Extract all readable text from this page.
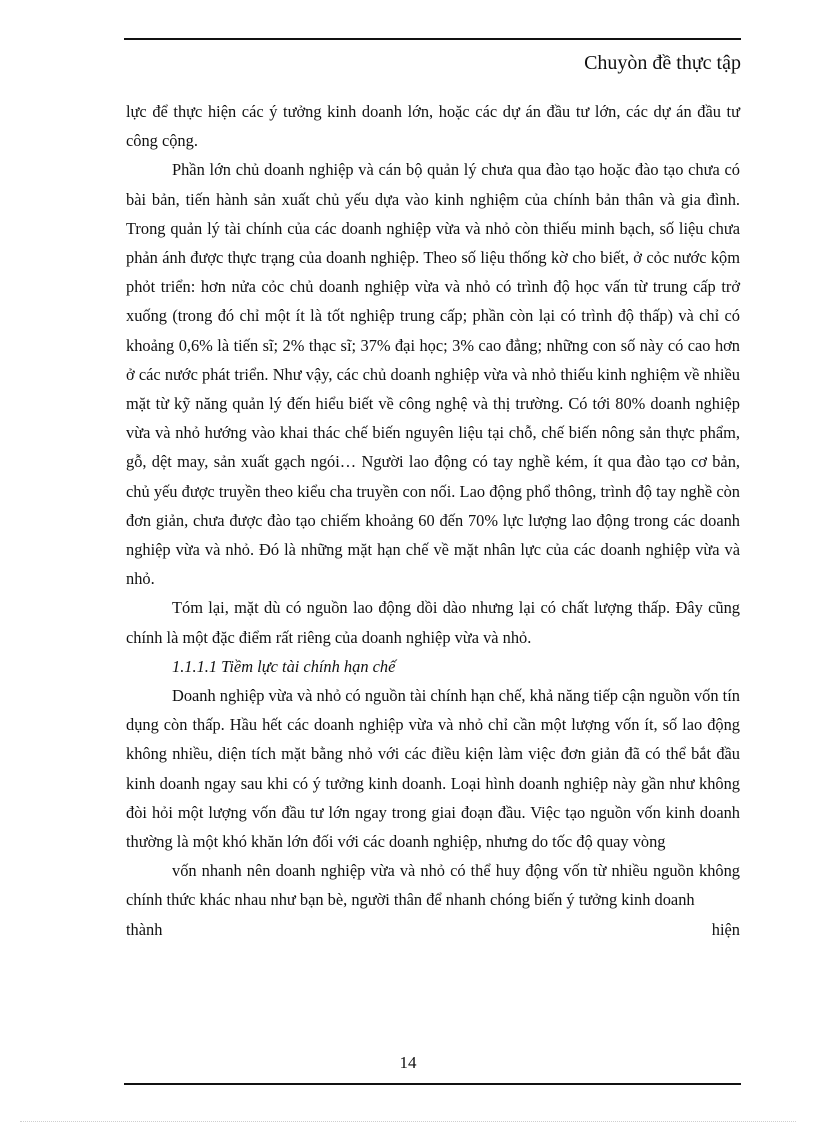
Chuyòn đề thực tập

lực để thực hiện các ý tưởng kinh doanh lớn, hoặc các dự án đầu tư lớn, các dự án đầu tư công cộng.

Phần lớn chủ doanh nghiệp và cán bộ quản lý chưa qua đào tạo hoặc đào tạo chưa có bài bản, tiến hành sản xuất chủ yếu dựa vào kinh nghiệm của chính bản thân và gia đình. Trong quản lý tài chính của các doanh nghiệp vừa và nhỏ còn thiếu minh bạch, số liệu chưa phản ánh được thực trạng của doanh nghiệp. Theo số liệu thống kờ cho biết, ở cỏc nước kộm phỏt triển: hơn nửa cỏc chủ doanh nghiệp vừa và nhỏ có trình độ học vấn từ trung cấp trở xuống (trong đó chỉ một ít là tốt nghiệp trung cấp; phần còn lại có trình độ thấp) và chỉ có khoảng 0,6% là tiến sĩ; 2% thạc sĩ; 37% đại học; 3% cao đẳng; những con số này có cao hơn ở các nước phát triển. Như vậy, các chủ doanh nghiệp vừa và nhỏ thiếu kinh nghiệm về nhiều mặt từ kỹ năng quản lý đến hiểu biết về công nghệ và thị trường. Có tới 80% doanh nghiệp vừa và nhỏ hướng vào khai thác chế biến nguyên liệu tại chỗ, chế biến nông sản thực phẩm, gỗ, dệt may, sản xuất gạch ngói… Người lao động có tay nghề kém, ít qua đào tạo cơ bản, chủ yếu được truyền theo kiểu cha truyền con nối. Lao động phổ thông, trình độ tay nghề còn đơn giản, chưa được đào tạo chiếm khoảng 60 đến 70% lực lượng lao động trong các doanh nghiệp vừa và nhỏ. Đó là những mặt hạn chế về mặt nhân lực của các doanh nghiệp vừa và nhỏ.

Tóm lại, mặt dù có nguồn lao động dồi dào nhưng lại có chất lượng thấp. Đây cũng chính là một đặc điểm rất riêng của doanh nghiệp vừa và nhỏ.

1.1.1.1 Tiềm lực tài chính hạn chế

Doanh nghiệp vừa và nhỏ có nguồn tài chính hạn chế, khả năng tiếp cận nguồn vốn tín dụng còn thấp. Hầu hết các doanh nghiệp vừa và nhỏ chỉ cần một lượng vốn ít, số lao động không nhiều, diện tích mặt bằng nhỏ với các điều kiện làm việc đơn giản đã có thể bắt đầu kinh doanh ngay sau khi có ý tưởng kinh doanh. Loại hình doanh nghiệp này gần như không đòi hỏi một lượng vốn đầu tư lớn ngay trong giai đoạn đầu. Việc tạo nguồn vốn kinh doanh thường là một khó khăn lớn đối với các doanh nghiệp, nhưng do tốc độ quay vòng

vốn nhanh nên doanh nghiệp vừa và nhỏ có thể huy động vốn từ nhiều nguồn không chính thức khác nhau như bạn bè, người thân để nhanh chóng biến ý tưởng kinh doanh

thành	hiện

14
